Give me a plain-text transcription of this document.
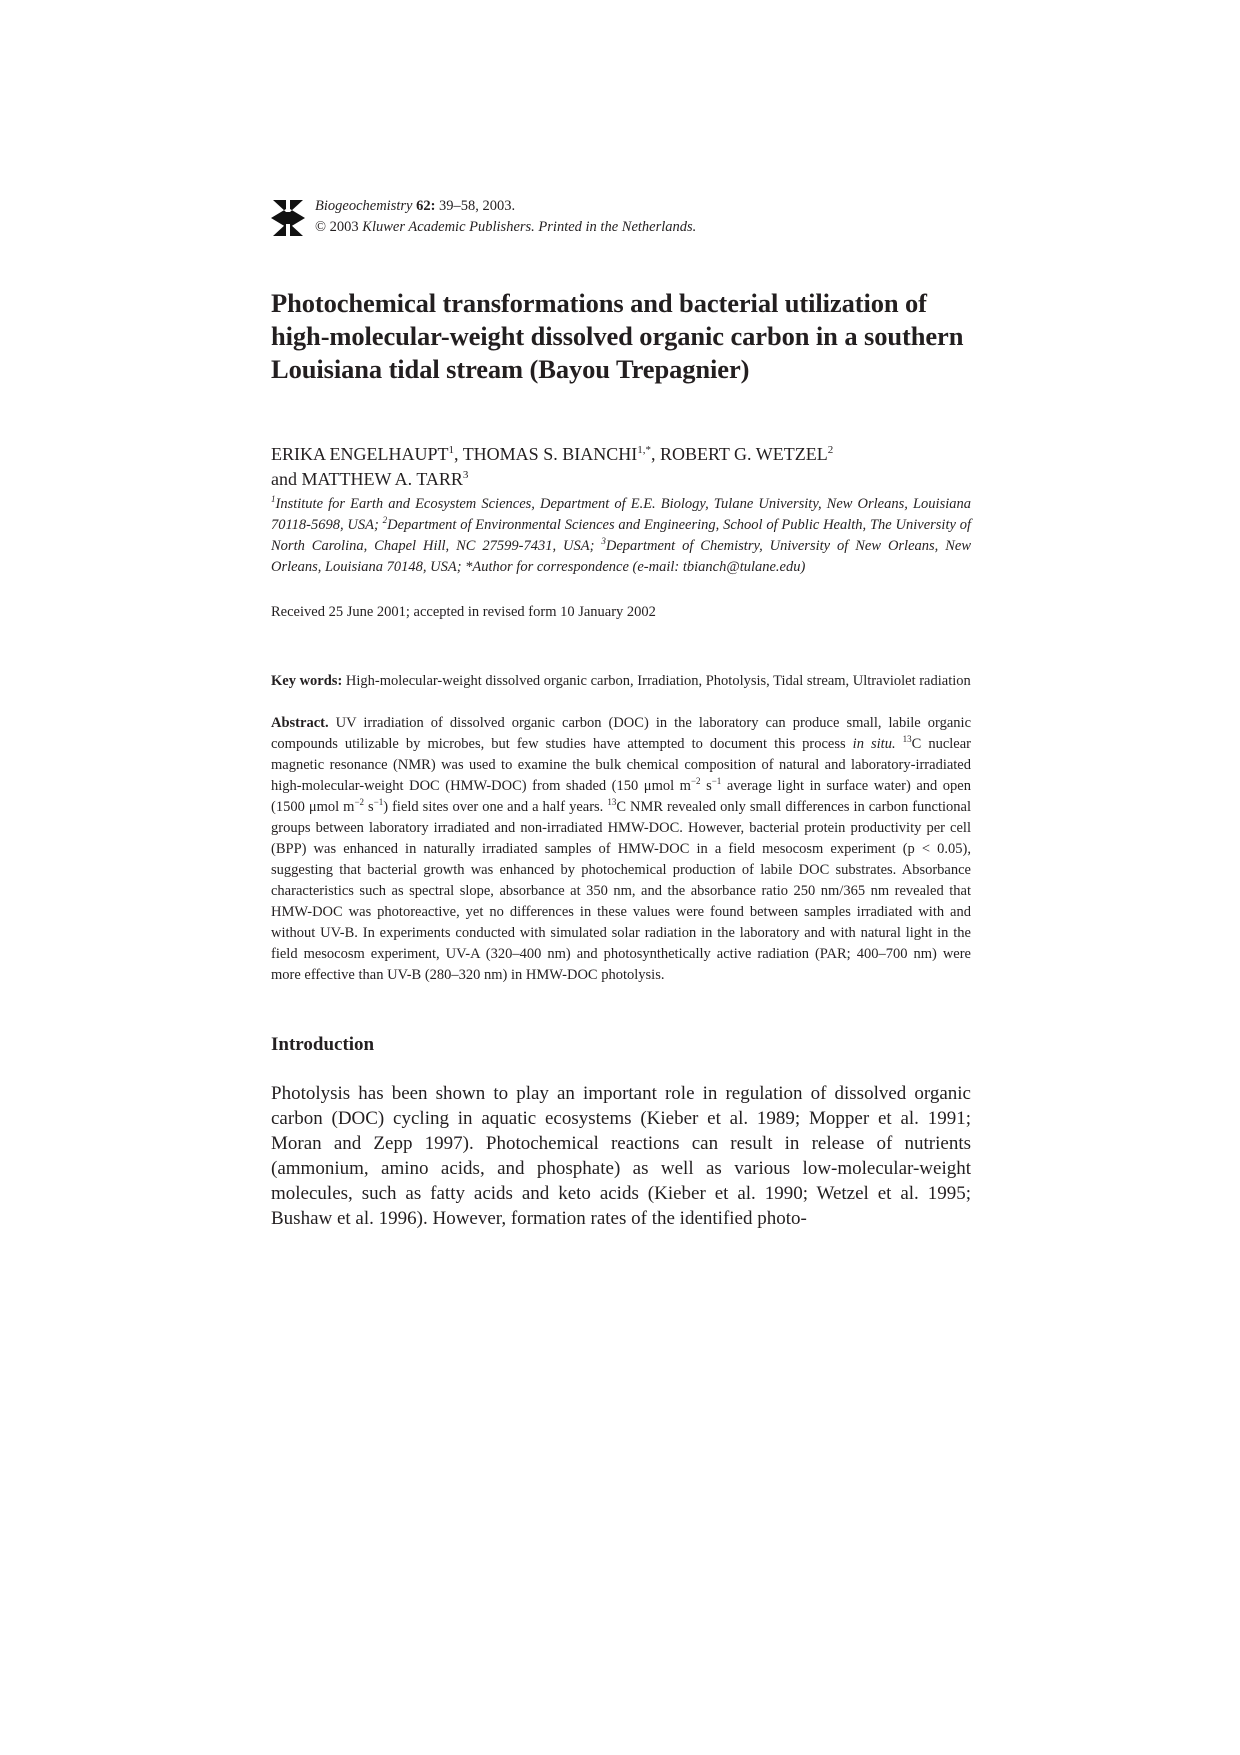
Biogeochemistry 62: 39–58, 2003.
© 2003 Kluwer Academic Publishers. Printed in the Netherlands.
Photochemical transformations and bacterial utilization of high-molecular-weight dissolved organic carbon in a southern Louisiana tidal stream (Bayou Trepagnier)
ERIKA ENGELHAUPT$^1$, THOMAS S. $BIANCHI^{1,*}$, ROBERT G. WETZEL$^2$
and MATTHEW A. TARR$^3$
$^1$Institute for Earth and Ecosystem Sciences, Department of E.E. Biology, Tulane University, New Orleans, Louisiana 70118-5698, USA; $^2$Department of Environmental Sciences and Engineering, School of Public Health, The University of North Carolina, Chapel Hill, NC 27599-7431, USA; $^3$Department of Chemistry, University of New Orleans, New Orleans, Louisiana 70148, USA; *Author for correspondence (e-mail: tbianch@tulane.edu)
Received 25 June 2001; accepted in revised form 10 January 2002
Key words: High-molecular-weight dissolved organic carbon, Irradiation, Photolysis, Tidal stream, Ultraviolet radiation
Abstract. UV irradiation of dissolved organic carbon (DOC) in the laboratory can produce small, labile organic compounds utilizable by microbes, but few studies have attempted to document this process in situ. $^{13}$C nuclear magnetic resonance (NMR) was used to examine the bulk chemical composition of natural and laboratory-irradiated high-molecular-weight DOC (HMW-DOC) from shaded (150 μmol $m^{-2}$ $s^{-1}$ average light in surface water) and open (1500 μmol $m^{-2}$ $s^{-1}$) field sites over one and a half years. $^{13}$C NMR revealed only small differences in carbon functional groups between laboratory irradiated and non-irradiated HMW-DOC. However, bacterial protein productivity per cell (BPP) was enhanced in naturally irradiated samples of HMW-DOC in a field mesocosm experiment (p < 0.05), suggesting that bacterial growth was enhanced by photochemical production of labile DOC substrates. Absorbance characteristics such as spectral slope, absorbance at 350 nm, and the absorbance ratio 250 nm/365 nm revealed that HMW-DOC was photoreactive, yet no differences in these values were found between samples irradiated with and without UV-B. In experiments conducted with simulated solar radiation in the laboratory and with natural light in the field mesocosm experiment, UV-A (320–400 nm) and photosynthetically active radiation (PAR; 400–700 nm) were more effective than UV-B (280–320 nm) in HMW-DOC photolysis.
Introduction

Photolysis has been shown to play an important role in regulation of dissolved organic carbon (DOC) cycling in aquatic ecosystems (Kieber et al. 1989; Mopper et al. 1991; Moran and Zepp 1997). Photochemical reactions can result in release of nutrients (ammonium, amino acids, and phosphate) as well as various low-molecular-weight molecules, such as fatty acids and keto acids (Kieber et al. 1990; Wetzel et al. 1995; Bushaw et al. 1996). However, formation rates of the identified photo-
